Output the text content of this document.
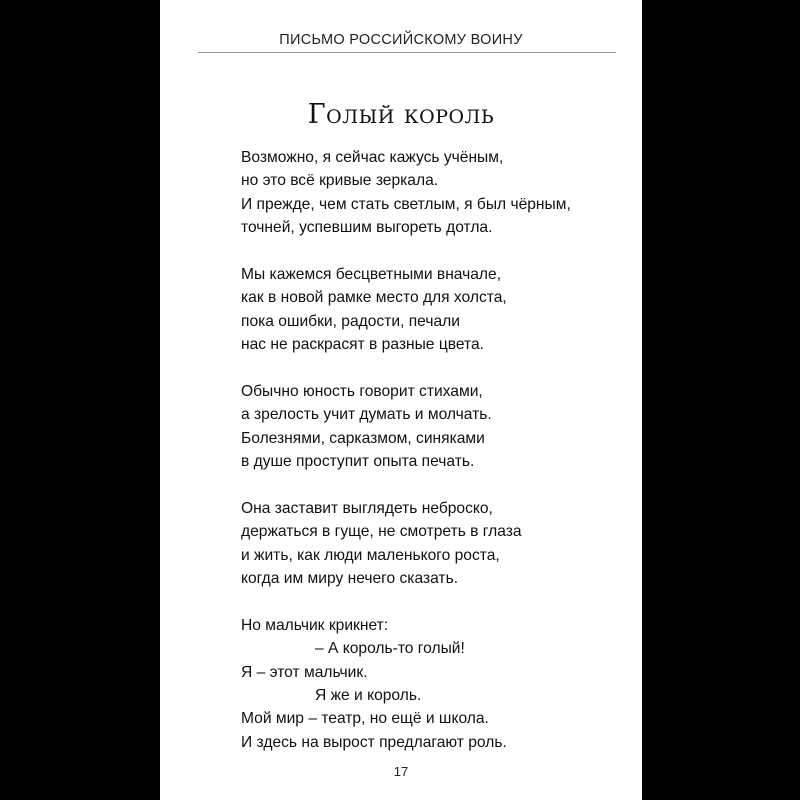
ПИСЬМО РОССИЙСКОМУ ВОИНУ
Голый король
Возможно, я сейчас кажусь учёным,
но это всё кривые зеркала.
И прежде, чем стать светлым, я был чёрным,
точней, успевшим выгореть дотла.
Мы кажемся бесцветными вначале,
как в новой рамке место для холста,
пока ошибки, радости, печали
нас не раскрасят в разные цвета.
Обычно юность говорит стихами,
а зрелость учит думать и молчать.
Болезнями, сарказмом, синяками
в душе проступит опыта печать.
Она заставит выглядеть неброско,
держаться в гуще, не смотреть в глаза
и жить, как люди маленького роста,
когда им миру нечего сказать.
Но мальчик крикнет:
– А король-то голый!
Я – этот мальчик.
Я же и король.
Мой мир – театр, но ещё и школа.
И здесь на вырост предлагают роль.
17
